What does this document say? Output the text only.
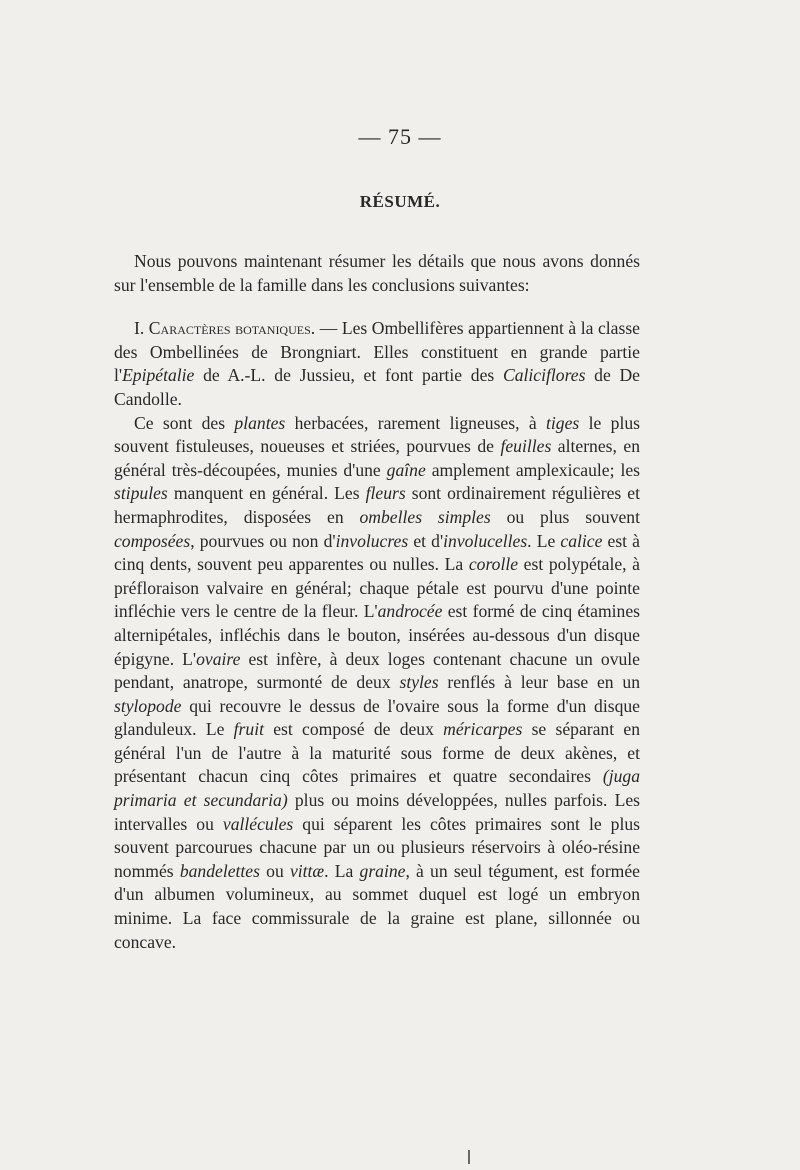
— 75 —
RÉSUMÉ.

Nous pouvons maintenant résumer les détails que nous avons donnés sur l'ensemble de la famille dans les conclusions suivantes:

I. Caractères botaniques. — Les Ombellifères appartiennent à la classe des Ombellinées de Brongniart. Elles constituent en grande partie l'Epipétalie de A.-L. de Jussieu, et font partie des Caliciflores de De Candolle.

Ce sont des plantes herbacées, rarement ligneuses, à tiges le plus souvent fistuleuses, noueuses et striées, pourvues de feuilles alternes, en général très-découpées, munies d'une gaîne amplement amplexicaule; les stipules manquent en général. Les fleurs sont ordinairement régulières et hermaphrodites, disposées en ombelles simples ou plus souvent composées, pourvues ou non d'involucres et d'involucelles. Le calice est à cinq dents, souvent peu apparentes ou nulles. La corolle est polypétale, à préfloraison valvaire en général; chaque pétale est pourvu d'une pointe infléchie vers le centre de la fleur. L'androcée est formé de cinq étamines alternipétales, infléchis dans le bouton, insérées au-dessous d'un disque épigyne. L'ovaire est infère, à deux loges contenant chacune un ovule pendant, anatrope, surmonté de deux styles renflés à leur base en un stylopode qui recouvre le dessus de l'ovaire sous la forme d'un disque glanduleux. Le fruit est composé de deux méricarpes se séparant en général l'un de l'autre à la maturité sous forme de deux akènes, et présentant chacun cinq côtes primaires et quatre secondaires (juga primaria et secundaria) plus ou moins développées, nulles parfois. Les intervalles ou vallécules qui séparent les côtes primaires sont le plus souvent parcourues chacune par un ou plusieurs réservoirs à oléo-résine nommés bandelettes ou vittæ. La graine, à un seul tégument, est formée d'un albumen volumineux, au sommet duquel est logé un embryon minime. La face commissurale de la graine est plane, sillonnée ou concave.
